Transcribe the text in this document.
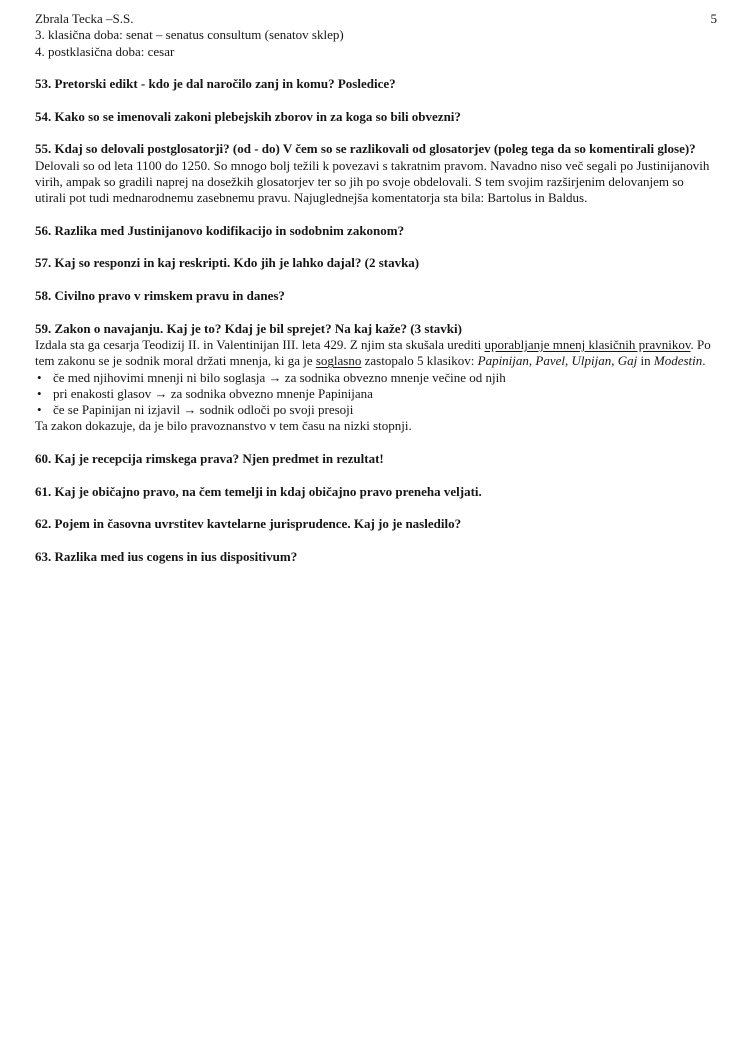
Zbrala Tecka –S.S.	5

3. klasična doba: senat – senatus consultum (senatov sklep)

4. postklasična doba: cesar

53. Pretorski edikt - kdo je dal naročilo zanj in komu? Posledice?

54. Kako so se imenovali zakoni plebejskih zborov in za koga so bili obvezni?

55. Kdaj so delovali postglosatorji? (od - do) V čem so se razlikovali od glosatorjev (poleg tega da so komentirali glose)?

Delovali so od leta 1100 do 1250. So mnogo bolj težili k povezavi s takratnim pravom. Navadno niso več segali po Justinijanovih virih, ampak so gradili naprej na dosežkih glosatorjev ter so jih po svoje obdelovali. S tem svojim razširjenim delovanjem so utirali pot tudi mednarodnemu zasebnemu pravu. Najuglednejša komentatorja sta bila: Bartolus in Baldus.

56. Razlika med Justinijanovo kodifikacijo in sodobnim zakonom?

57. Kaj so responzi in kaj reskripti. Kdo jih je lahko dajal? (2 stavka)

58. Civilno pravo v rimskem pravu in danes?

59. Zakon o navajanju. Kaj je to? Kdaj je bil sprejet? Na kaj kaže? (3 stavki)

Izdala sta ga cesarja Teodizij II. in Valentinijan III. leta 429. Z njim sta skušala urediti uporabljanje mnenj klasičnih pravnikov. Po tem zakonu se je sodnik moral držati mnenja, ki ga je soglasno zastopalo 5 klasikov: Papinijan, Pavel, Ulpijan, Gaj in Modestin.

• če med njihovimi mnenji ni bilo soglasja → za sodnika obvezno mnenje večine od njih
• pri enakosti glasov → za sodnika obvezno mnenje Papinijana
• če se Papinijan ni izjavil → sodnik odloči po svoji presoji

Ta zakon dokazuje, da je bilo pravoznanstvo v tem času na nizki stopnji.

60. Kaj je recepcija rimskega prava? Njen predmet in rezultat!

61. Kaj je običajno pravo, na čem temelji in kdaj običajno pravo preneha veljati.

62. Pojem in časovna uvrstitev kavtelarne jurisprudence. Kaj jo je nasledilo?

63. Razlika med ius cogens in ius dispositivum?
